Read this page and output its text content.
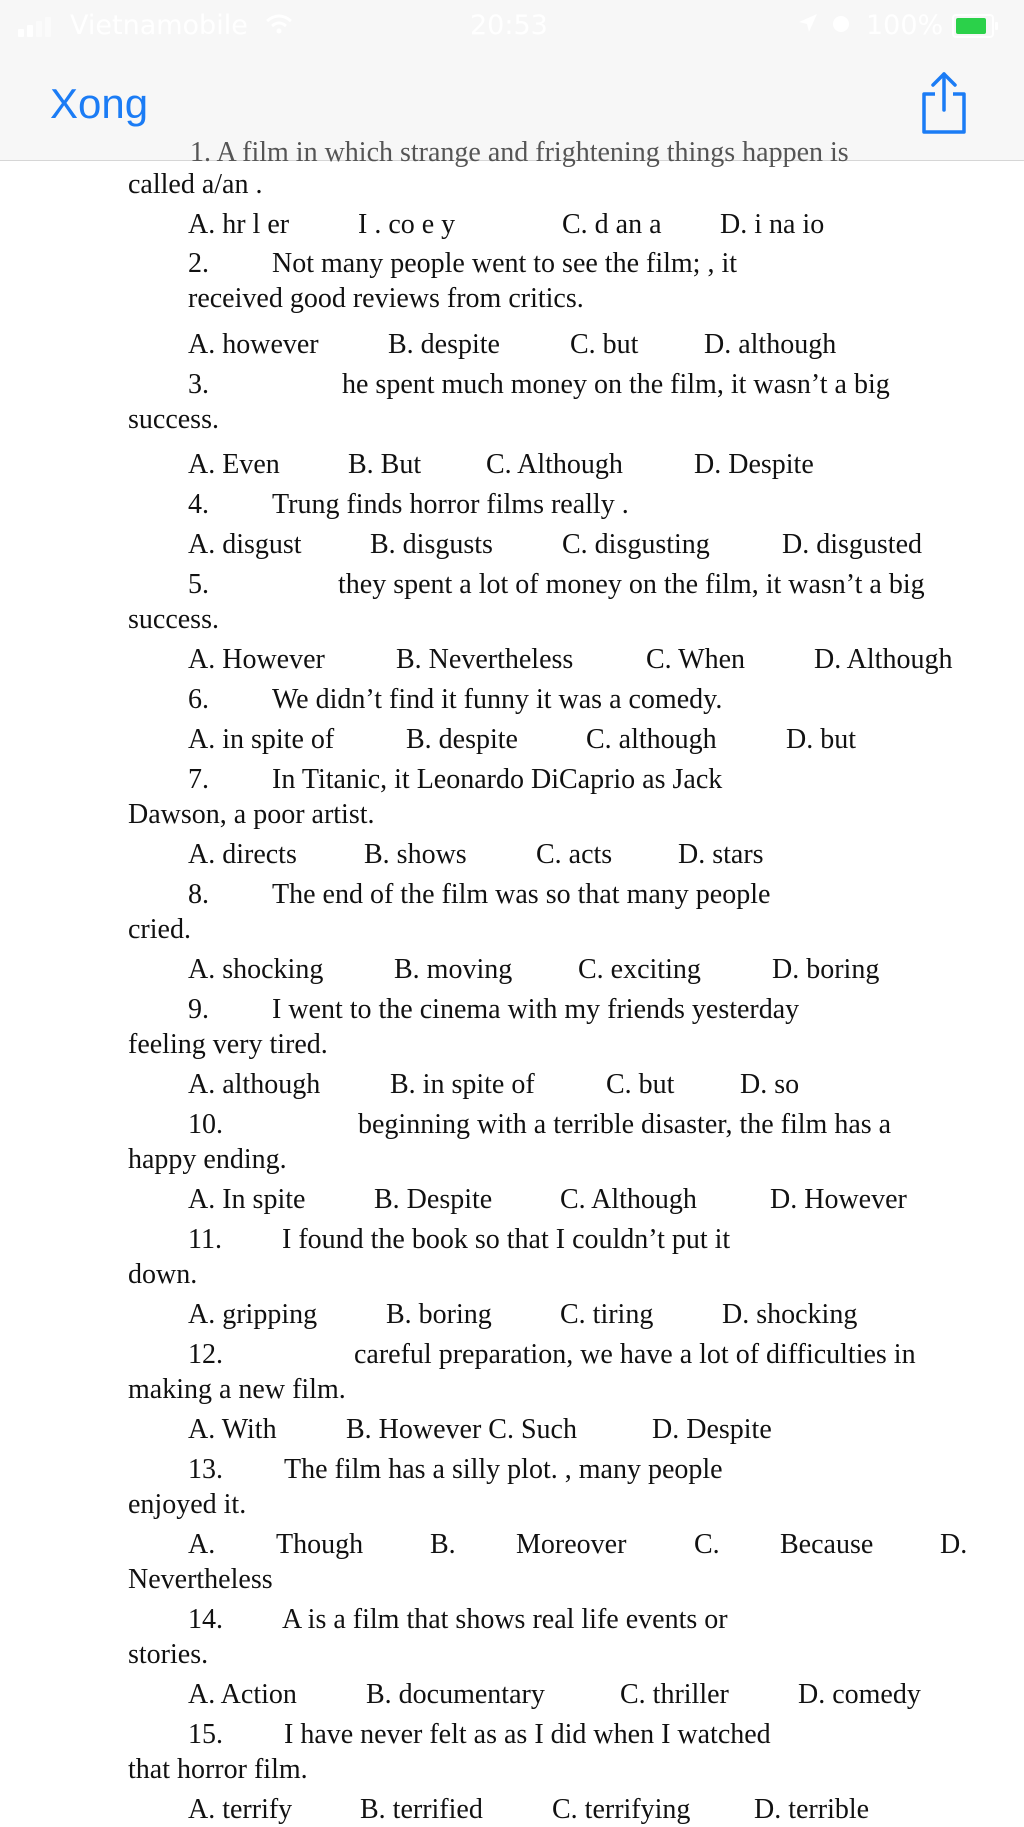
Vietnamobile	20:53	100%
Xong
1. A film in which strange and frightening things happen is
called a/an .
A. hr l er I . co e y	C. d an a D. i na io
2. Not many people went to see the film; , it
received good reviews from critics.
A. however B. despite	C. but D. although
3.	he spent much money on the film, it wasn’t a big
success.
A. Even B. But C. Although	D. Despite
4. Trung finds horror films really .
A. disgust B. disgusts C. disgusting	D. disgusted
5.	they spent a lot of money on the film, it wasn’t a big
success.
A. However	B. Nevertheless	C. When D. Although
6. We didn’t find it funny it was a comedy.
A. in spite of	B. despite C. although D. but
7. In Titanic, it Leonardo DiCaprio as Jack
Dawson, a poor artist.
A. directs B. shows C. acts D. stars
8. The end of the film was so that many people
cried.
A. shocking	B. moving C. exciting	D. boring
9. I went to the cinema with my friends yesterday
feeling very tired.
A. although B. in spite of	C. but D. so
10.	beginning with a terrible disaster, the film has a
happy ending.
A. In spite B. Despite C. Although	D. However
11. I found the book so that I couldn’t put it
down.
A. gripping B. boring C. tiring D. shocking
12.	careful preparation, we have a lot of difficulties in
making a new film.
A. With B. However C. Such	D. Despite
13. The film has a silly plot. , many people
enjoyed it.
A. Though B. Moreover C. Because D.
Nevertheless
14. A is a film that shows real life events or
stories.
A. Action B. documentary	C. thriller D. comedy
15. I have never felt as as I did when I watched
that horror film.
A. terrify B. terrified C. terrifying D. terrible
